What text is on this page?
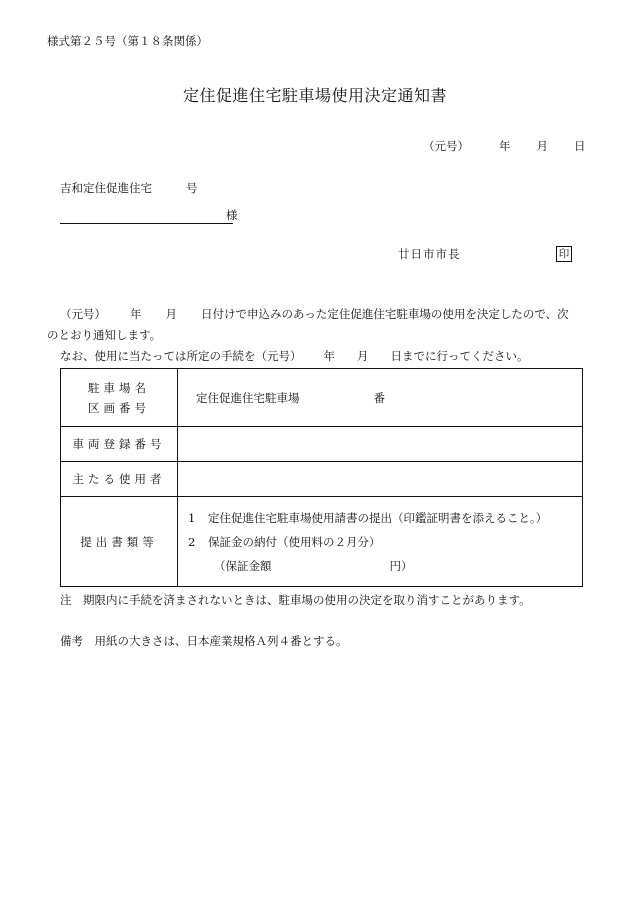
様式第２５号（第１８条関係）
定住促進住宅駐車場使用決定通知書
（元号）	年 月 日
吉和定住促進住宅	号
様
廿日市市長	印
（元号） 年 月 日付けで申込みのあった定住促進住宅駐車場の使用を決定したので、次
のとおり通知します。
なお、使用に当たっては所定の手続を（元号） 年 月 日までに行ってください。
駐車場名
区画番号	定住促進住宅駐車場 番
車両登録番号	
主たる使用者	
提出書類等	1 定住促進住宅駐車場使用請書の提出（印鑑証明書を添えること。）
2 保証金の納付（使用料の２月分）
（保証金額 円）
注　期限内に手続を済まされないときは、駐車場の使用の決定を取り消すことがあります。
備考　用紙の大きさは、日本産業規格Ａ列４番とする。
